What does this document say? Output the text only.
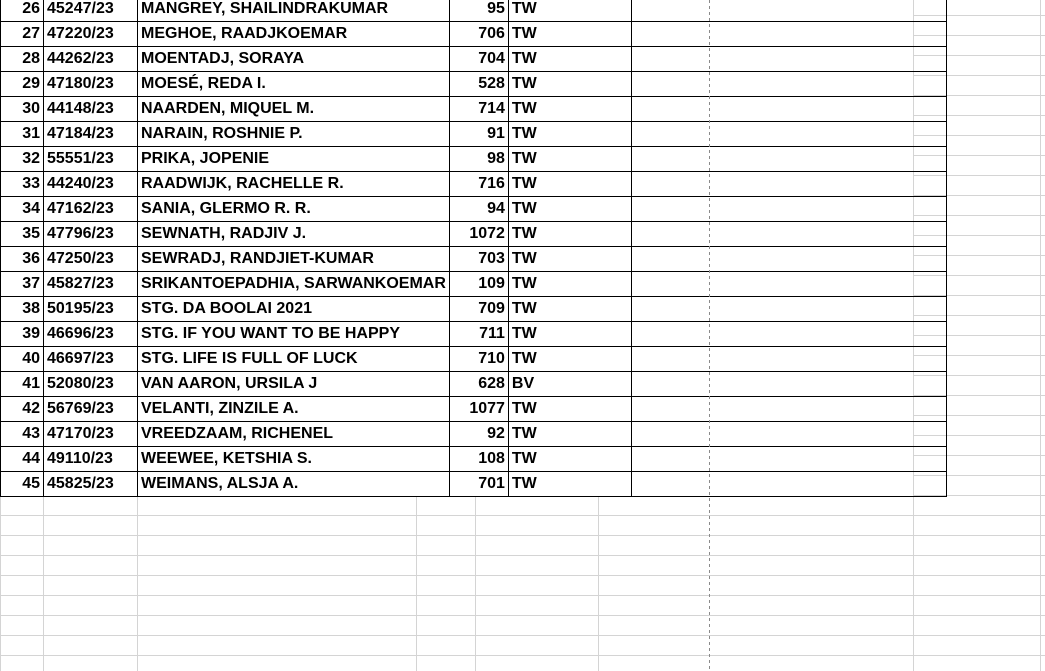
26	45247/23	MANGREY, SHAILINDRAKUMAR	95	TW	
27	47220/23	MEGHOE, RAADJKOEMAR	706	TW	
28	44262/23	MOENTADJ, SORAYA	704	TW	
29	47180/23	MOESÉ, REDA I.	528	TW	
30	44148/23	NAARDEN, MIQUEL M.	714	TW	
31	47184/23	NARAIN, ROSHNIE P.	91	TW	
32	55551/23	PRIKA, JOPENIE	98	TW	
33	44240/23	RAADWIJK, RACHELLE R.	716	TW	
34	47162/23	SANIA, GLERMO R. R.	94	TW	
35	47796/23	SEWNATH, RADJIV J.	1072	TW	
36	47250/23	SEWRADJ, RANDJIET-KUMAR	703	TW	
37	45827/23	SRIKANTOEPADHIA, SARWANKOEMAR	109	TW	
38	50195/23	STG. DA BOOLAI 2021	709	TW	
39	46696/23	STG. IF YOU WANT TO BE HAPPY	711	TW	
40	46697/23	STG. LIFE IS FULL OF LUCK	710	TW	
41	52080/23	VAN AARON, URSILA J	628	BV	
42	56769/23	VELANTI, ZINZILE A.	1077	TW	
43	47170/23	VREEDZAAM, RICHENEL	92	TW	
44	49110/23	WEEWEE, KETSHIA S.	108	TW	
45	45825/23	WEIMANS, ALSJA A.	701	TW	
